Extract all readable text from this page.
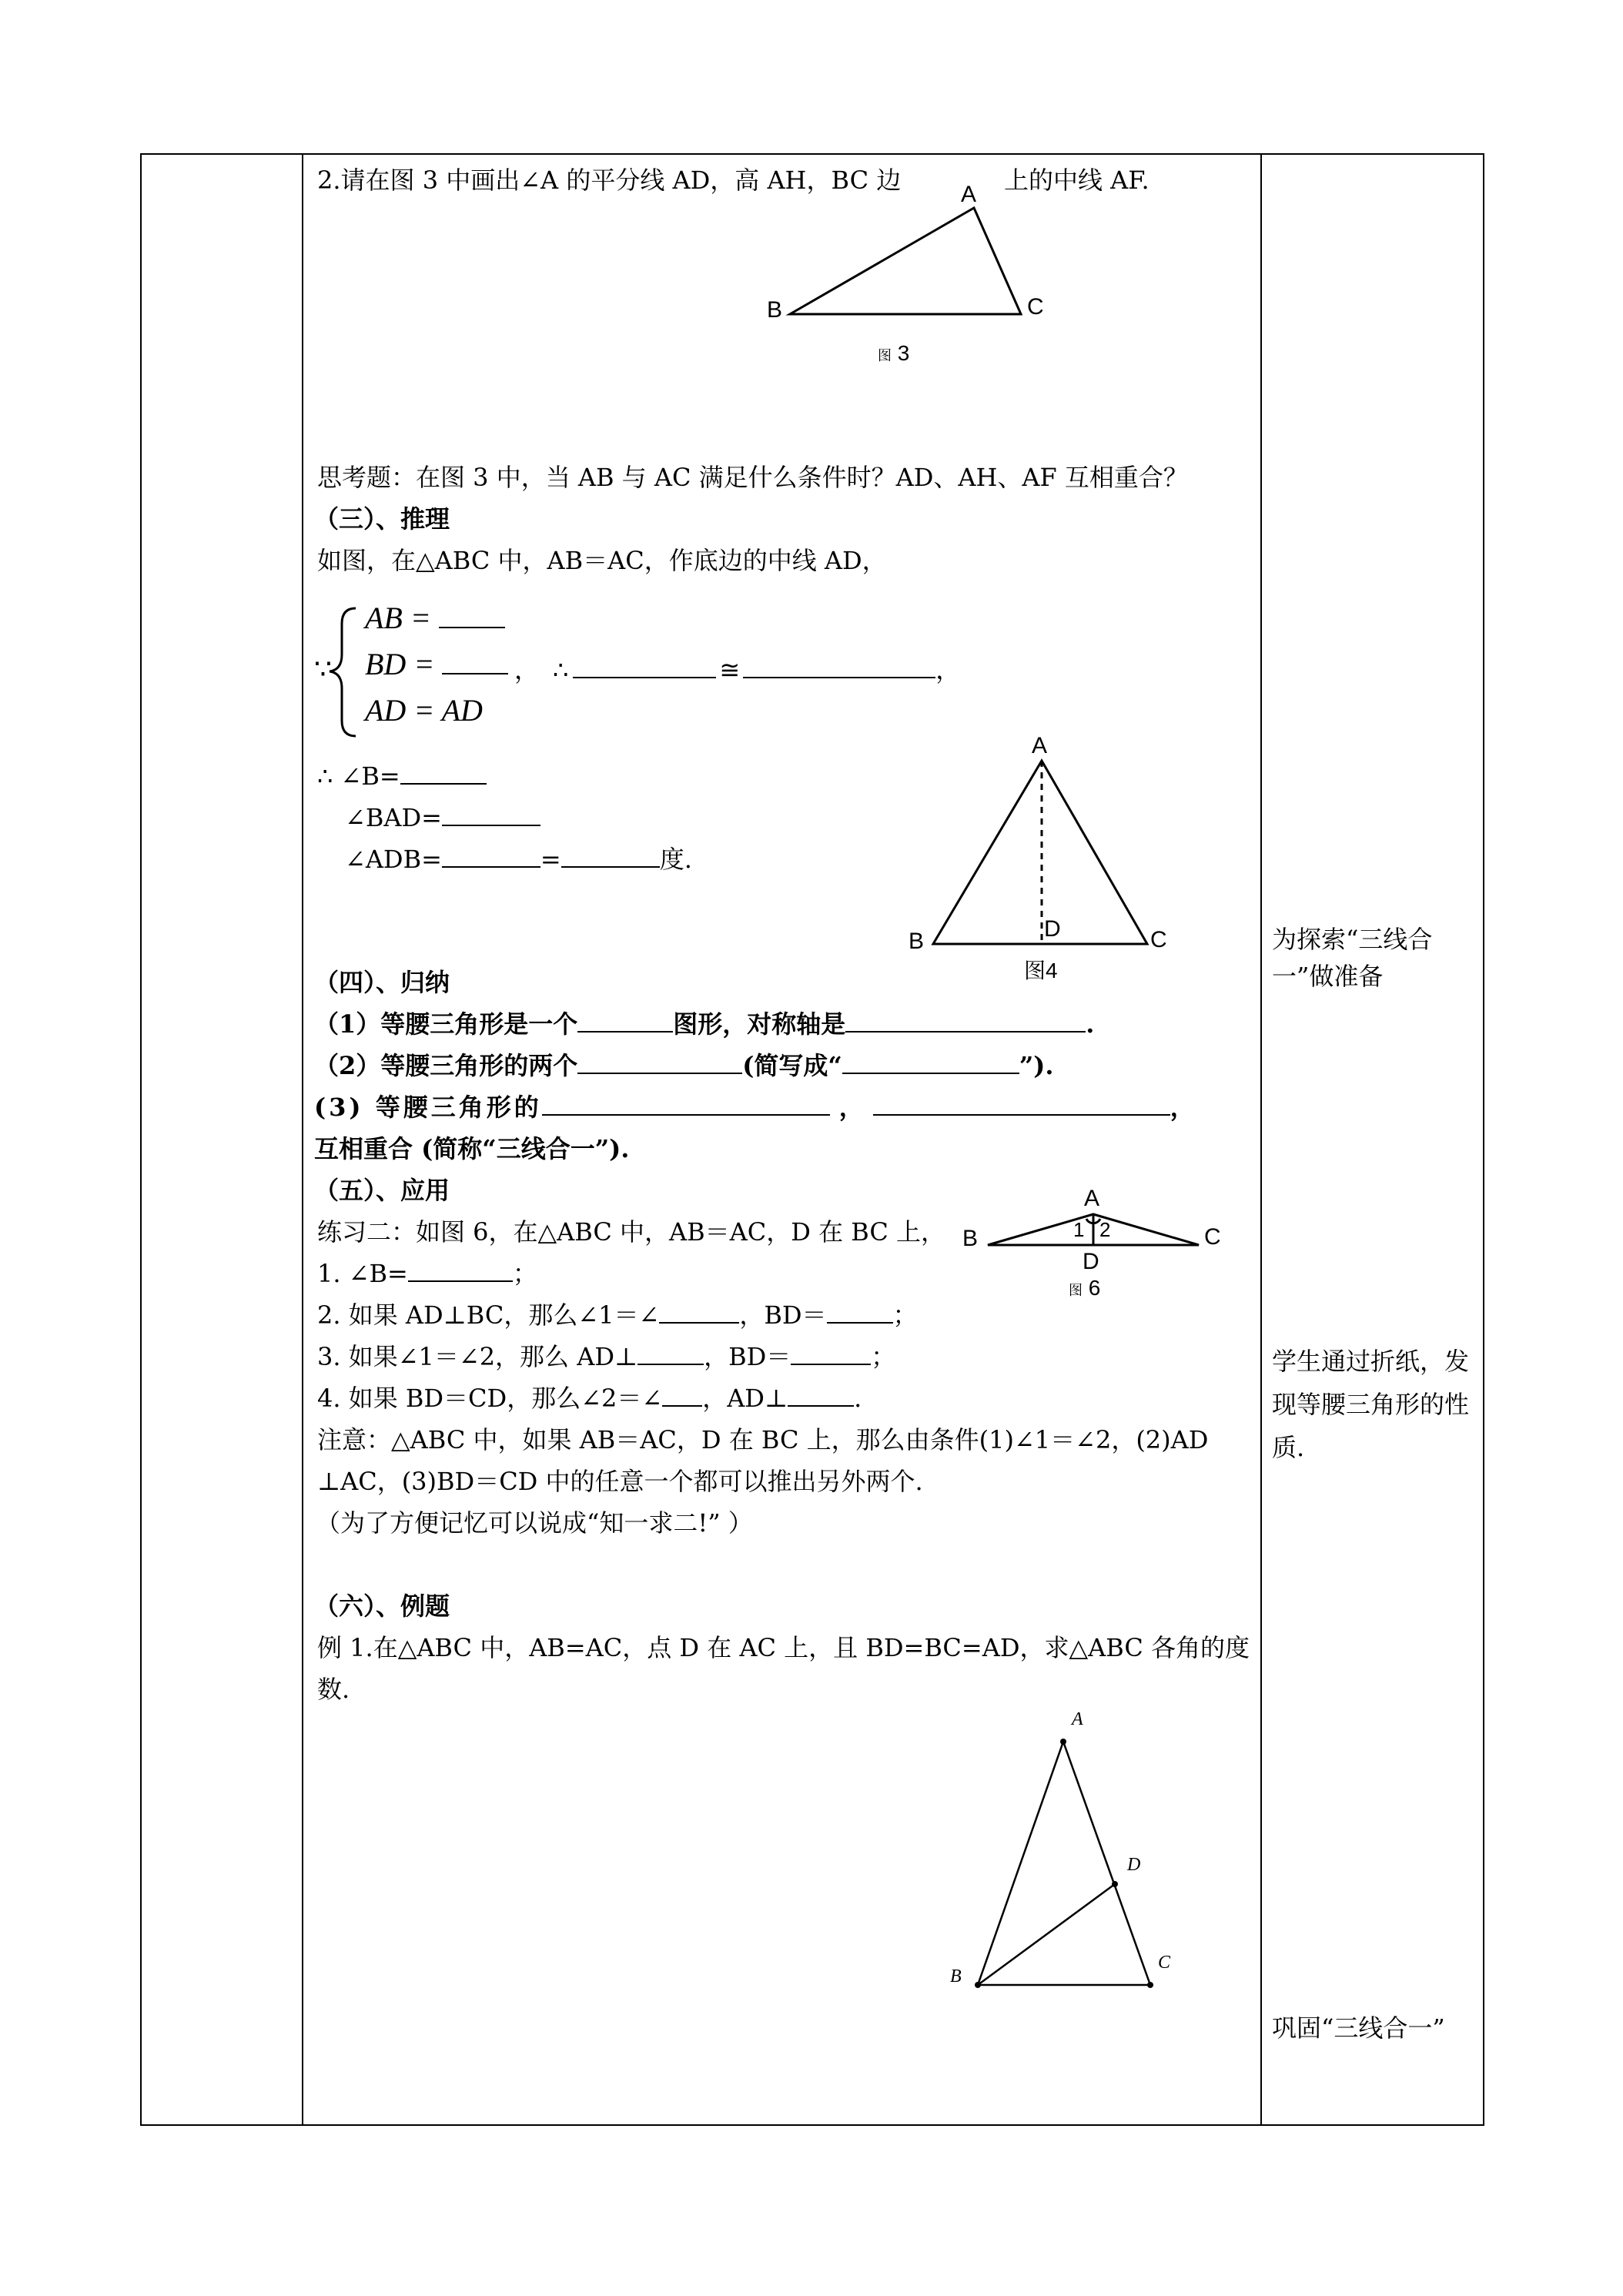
2.请在图 3 中画出∠A 的平分线 AD，高 AH，BC 边	上的中线 AF.
A
B	C
图 3
思考题：在图 3 中，当 AB 与 AC 满足什么条件时？AD、AH、AF 互相重合？
（三）、推理
如图，在△ABC 中，AB＝AC，作底边的中线 AD，
∵
AB =
BD =
AD = AD
， ∴	≅	，
∴ ∠B=
∠BAD=
∠ADB=	=	度.
A
B	C
D
图4
为探索“三线合一”做准备
（四）、归纳
（1）等腰三角形是一个	图形，对称轴是	.
（2）等腰三角形的两个	(简写成“	”).
(3) 等腰三角形的	，	，
互相重合 (简称“三线合一”).
（五）、应用
练习二：如图 6，在△ABC 中，AB＝AC，D 在 BC 上，
A
B	C
D
1 2
图 6
1. ∠B=	；
2. 如果 AD⊥BC，那么∠1＝∠	，BD＝	；
3. 如果∠1＝∠2，那么 AD⊥	，BD＝	；
4. 如果 BD＝CD，那么∠2＝∠ ，AD⊥	.
注意：△ABC 中，如果 AB＝AC，D 在 BC 上，那么由条件(1)∠1＝∠2，(2)AD
⊥AC，(3)BD＝CD 中的任意一个都可以推出另外两个.
（为了方便记忆可以说成“知一求二!” ）
学生通过折纸，发现等腰三角形的性质.
（六）、例题
例 1.在△ABC 中，AB=AC，点 D 在 AC 上，且 BD=BC=AD，求△ABC 各角的度
数.
A
B
C
D
巩固“三线合一”
